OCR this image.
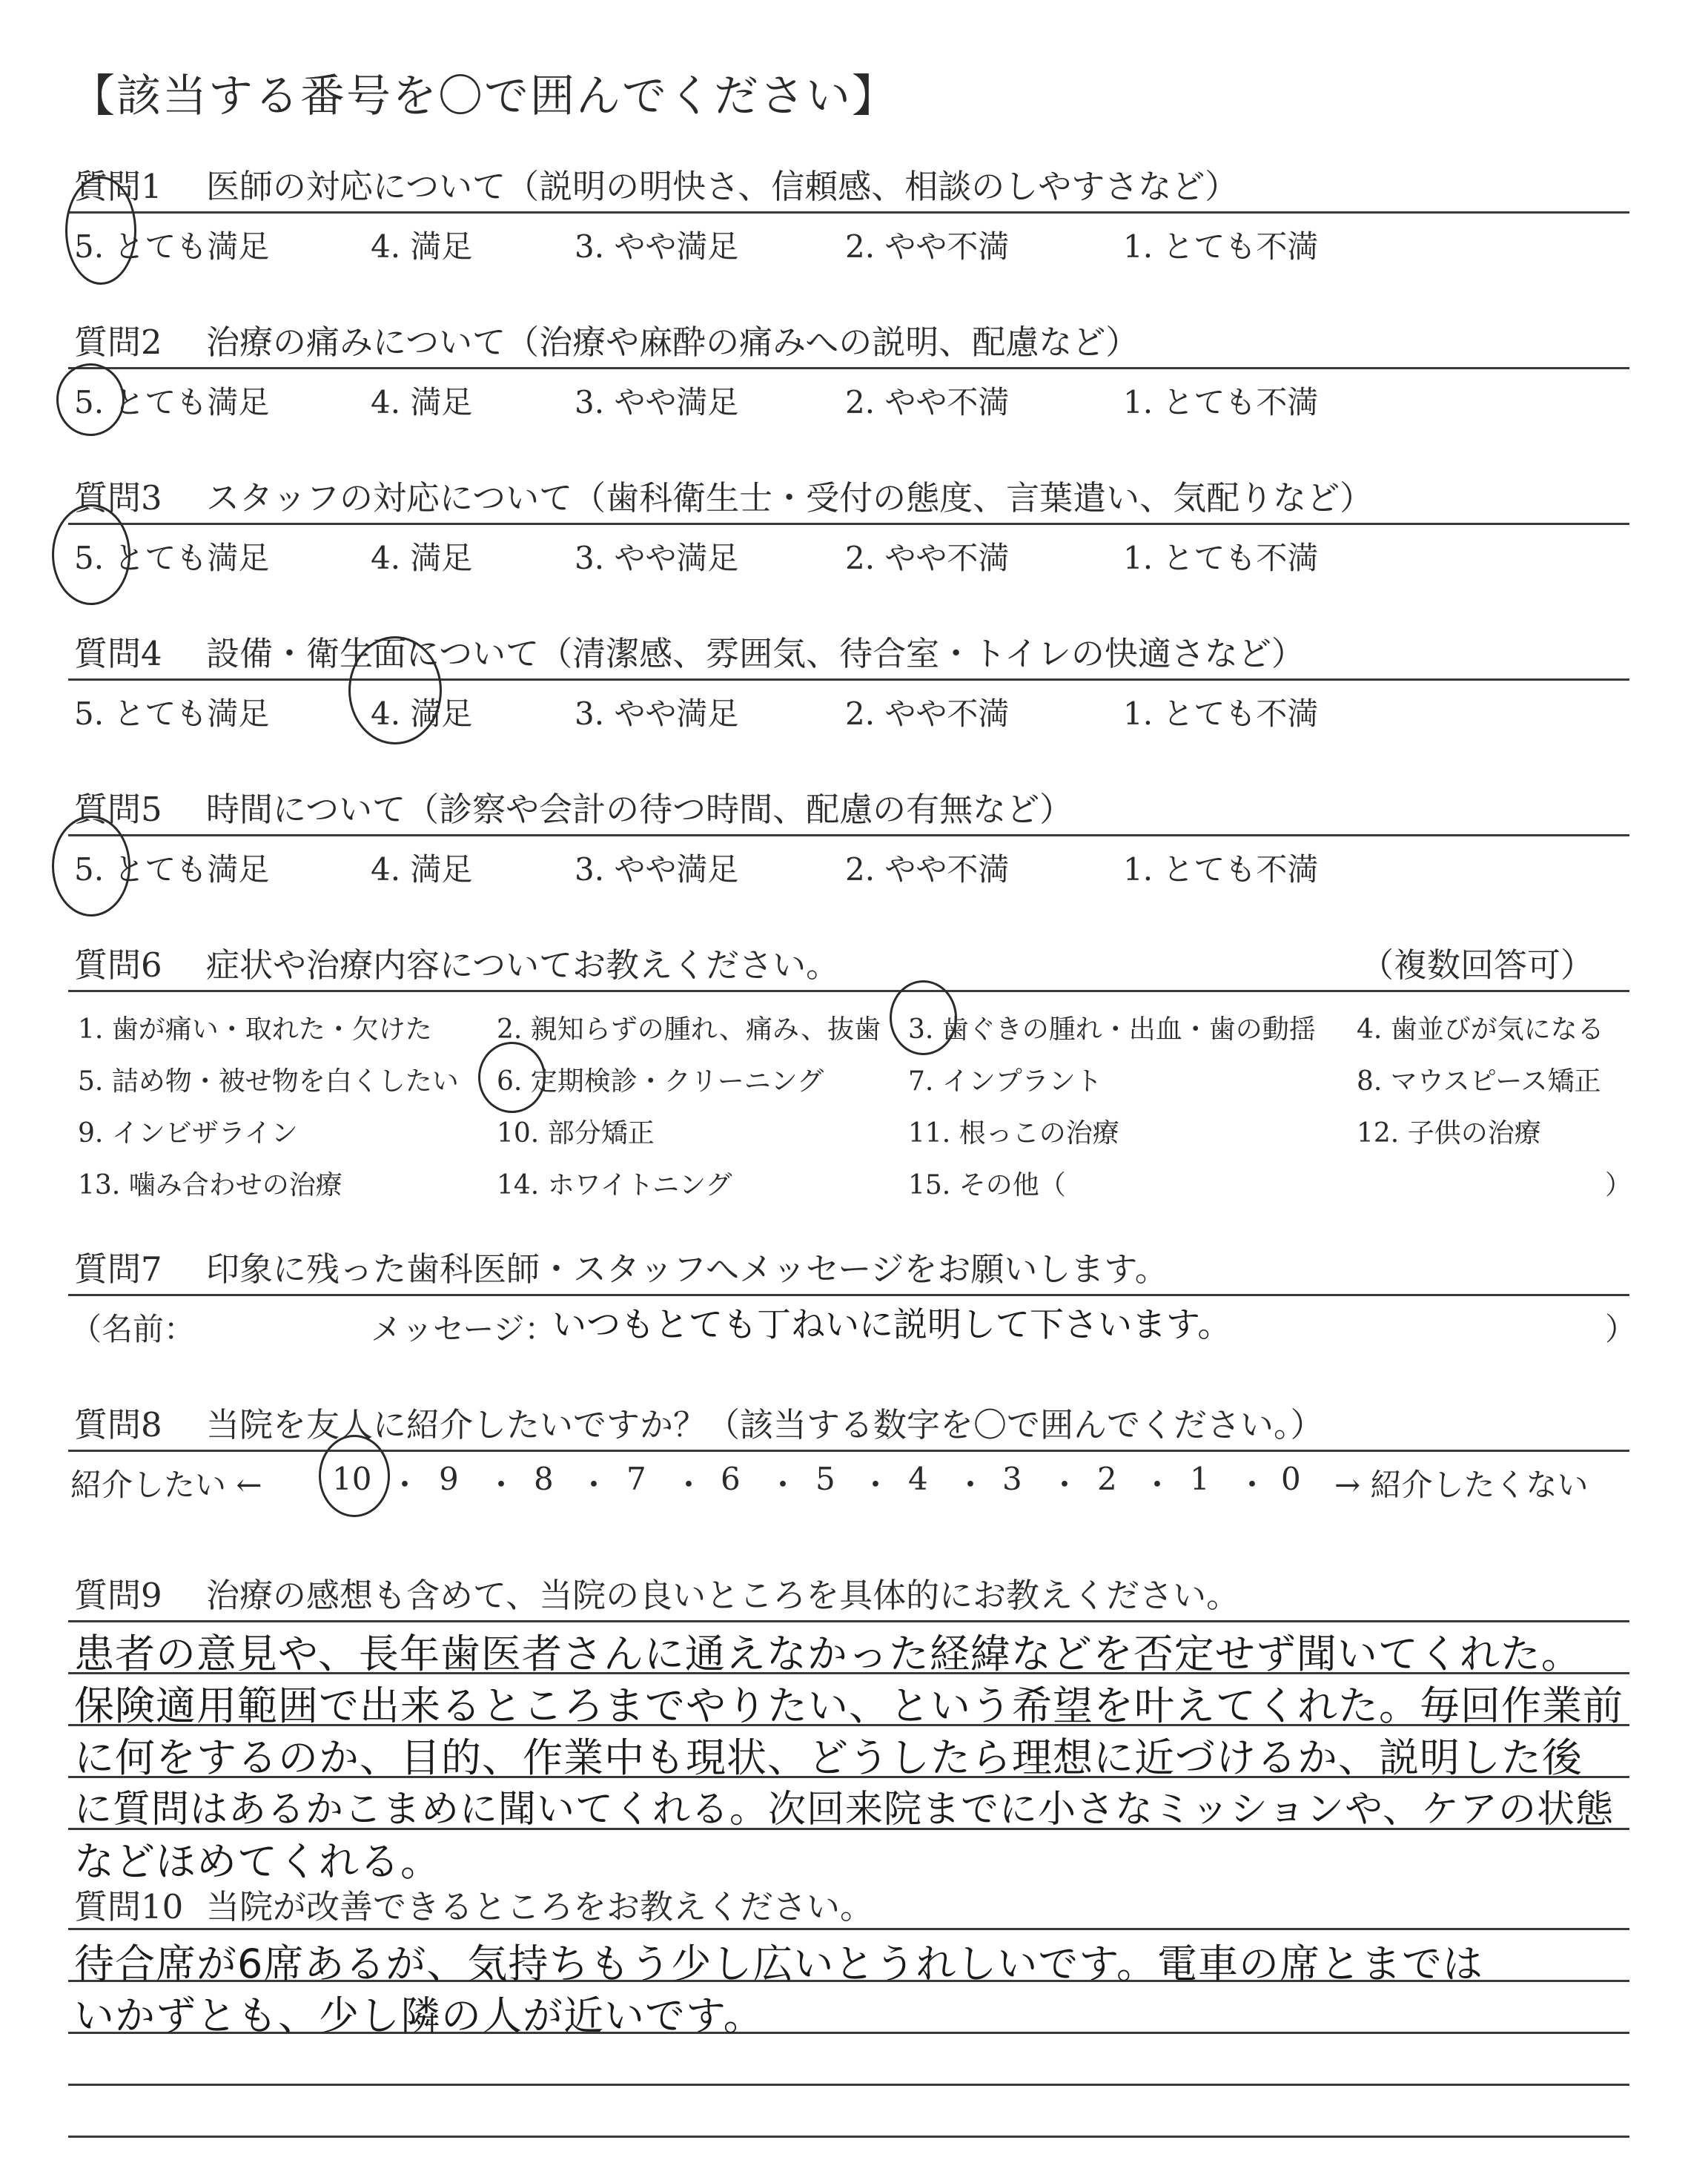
【該当する番号を〇で囲んでください】
質問1 医師の対応について（説明の明快さ、信頼感、相談のしやすさなど）
5. とても満足	4. 満足	3. やや満足	2. やや不満	1. とても不満
質問2 治療の痛みについて（治療や麻酔の痛みへの説明、配慮など）
5. とても満足	4. 満足	3. やや満足	2. やや不満	1. とても不満
質問3 スタッフの対応について（歯科衛生士・受付の態度、言葉遣い、気配りなど）
5. とても満足	4. 満足	3. やや満足	2. やや不満	1. とても不満
質問4 設備・衛生面について（清潔感、雰囲気、待合室・トイレの快適さなど）
5. とても満足	4. 満足	3. やや満足	2. やや不満	1. とても不満
質問5 時間について（診察や会計の待つ時間、配慮の有無など）
5. とても満足	4. 満足	3. やや満足	2. やや不満	1. とても不満
質問6 症状や治療内容についてお教えください。	（複数回答可）
1. 歯が痛い・取れた・欠けた 2. 親知らずの腫れ、痛み、抜歯 3. 歯ぐきの腫れ・出血・歯の動揺 4. 歯並びが気になる
5. 詰め物・被せ物を白くしたい 6. 定期検診・クリーニング	7. インプラント	8. マウスピース矯正
9. インビザライン	10. 部分矯正	11. 根っこの治療	12. 子供の治療
13. 噛み合わせの治療	14. ホワイトニング	15. その他（	）
質問7 印象に残った歯科医師・スタッフへメッセージをお願いします。
（名前：	メッセージ：
いつもとても丁ねいに説明して下さいます。	）
質問8 当院を友人に紹介したいですか？（該当する数字を〇で囲んでください。）
紹介したい ← 10 ・ 9 ・ 8 ・ 7 ・ 6 ・ 5 ・ 4 ・ 3 ・ 2 ・ 1 ・ 0 → 紹介したくない
質問9 治療の感想も含めて、当院の良いところを具体的にお教えください。
患者の意見や、長年歯医者さんに通えなかった経緯などを否定せず聞いてくれた。
保険適用範囲で出来るところまでやりたい、という希望を叶えてくれた。毎回作業前
に何をするのか、目的、作業中も現状、どうしたら理想に近づけるか、説明した後
に質問はあるかこまめに聞いてくれる。次回来院までに小さなミッションや、ケアの状態
などほめてくれる。
質問10 当院が改善できるところをお教えください。
待合席が6席あるが、気持ちもう少し広いとうれしいです。電車の席とまでは
いかずとも、少し隣の人が近いです。
